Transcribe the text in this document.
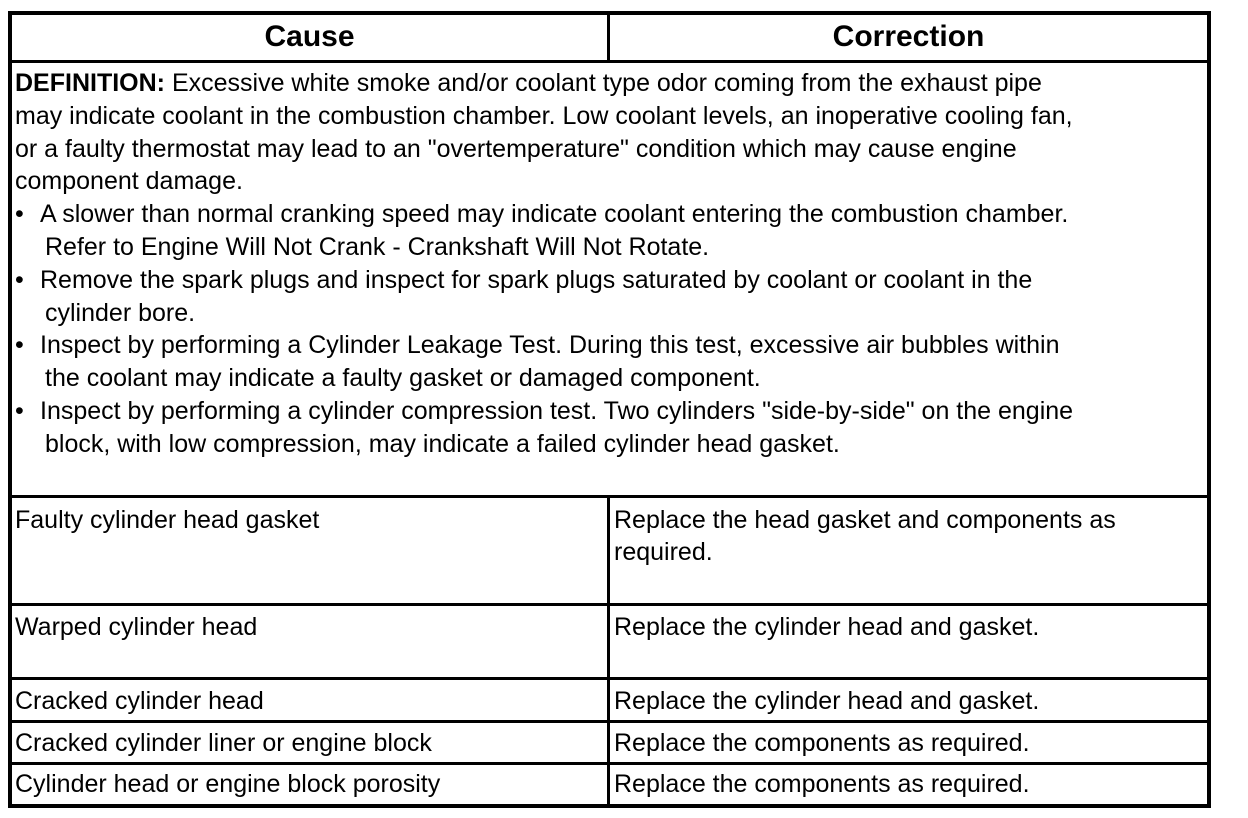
Cause	Correction
DEFINITION: Excessive white smoke and/or coolant type odor coming from the exhaust pipe
may indicate coolant in the combustion chamber. Low coolant levels, an inoperative cooling fan,
or a faulty thermostat may lead to an "overtemperature" condition which may cause engine
component damage.
• A slower than normal cranking speed may indicate coolant entering the combustion chamber.
Refer to Engine Will Not Crank - Crankshaft Will Not Rotate.
• Remove the spark plugs and inspect for spark plugs saturated by coolant or coolant in the
cylinder bore.
• Inspect by performing a Cylinder Leakage Test. During this test, excessive air bubbles within
the coolant may indicate a faulty gasket or damaged component.
• Inspect by performing a cylinder compression test. Two cylinders "side-by-side" on the engine
block, with low compression, may indicate a failed cylinder head gasket.
Faulty cylinder head gasket	Replace the head gasket and components as
required.
Warped cylinder head	Replace the cylinder head and gasket.
Cracked cylinder head	Replace the cylinder head and gasket.
Cracked cylinder liner or engine block	Replace the components as required.
Cylinder head or engine block porosity	Replace the components as required.
